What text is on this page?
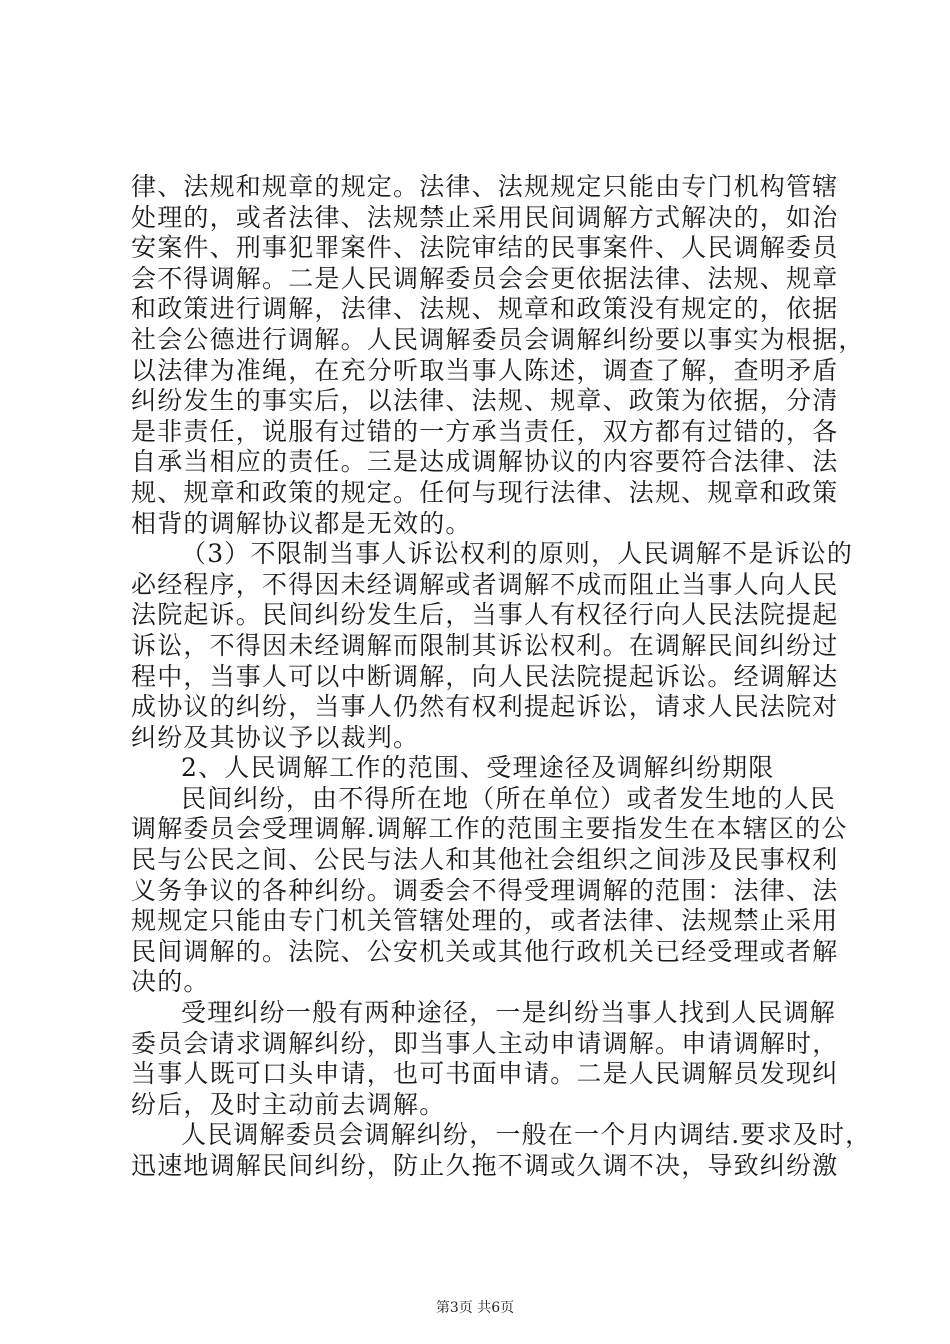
律、法规和规章的规定。法律、法规规定只能由专门机构管辖
处理的，或者法律、法规禁止采用民间调解方式解决的，如治
安案件、刑事犯罪案件、法院审结的民事案件、人民调解委员
会不得调解。二是人民调解委员会会更依据法律、法规、规章
和政策进行调解，法律、法规、规章和政策没有规定的，依据
社会公德进行调解。人民调解委员会调解纠纷要以事实为根据，
以法律为准绳，在充分听取当事人陈述，调查了解，查明矛盾
纠纷发生的事实后，以法律、法规、规章、政策为依据，分清
是非责任，说服有过错的一方承当责任，双方都有过错的，各
自承当相应的责任。三是达成调解协议的内容要符合法律、法
规、规章和政策的规定。任何与现行法律、法规、规章和政策
相背的调解协议都是无效的。
（3）不限制当事人诉讼权利的原则，人民调解不是诉讼的
必经程序，不得因未经调解或者调解不成而阻止当事人向人民
法院起诉。民间纠纷发生后，当事人有权径行向人民法院提起
诉讼，不得因未经调解而限制其诉讼权利。在调解民间纠纷过
程中，当事人可以中断调解，向人民法院提起诉讼。经调解达
成协议的纠纷，当事人仍然有权利提起诉讼，请求人民法院对
纠纷及其协议予以裁判。
2、人民调解工作的范围、受理途径及调解纠纷期限
民间纠纷，由不得所在地（所在单位）或者发生地的人民
调解委员会受理调解.调解工作的范围主要指发生在本辖区的公
民与公民之间、公民与法人和其他社会组织之间涉及民事权利
义务争议的各种纠纷。调委会不得受理调解的范围：法律、法
规规定只能由专门机关管辖处理的，或者法律、法规禁止采用
民间调解的。法院、公安机关或其他行政机关已经受理或者解
决的。
受理纠纷一般有两种途径，一是纠纷当事人找到人民调解
委员会请求调解纠纷，即当事人主动申请调解。申请调解时，
当事人既可口头申请，也可书面申请。二是人民调解员发现纠
纷后，及时主动前去调解。
人民调解委员会调解纠纷，一般在一个月内调结.要求及时，
迅速地调解民间纠纷，防止久拖不调或久调不决，导致纠纷激
第3页 共6页
